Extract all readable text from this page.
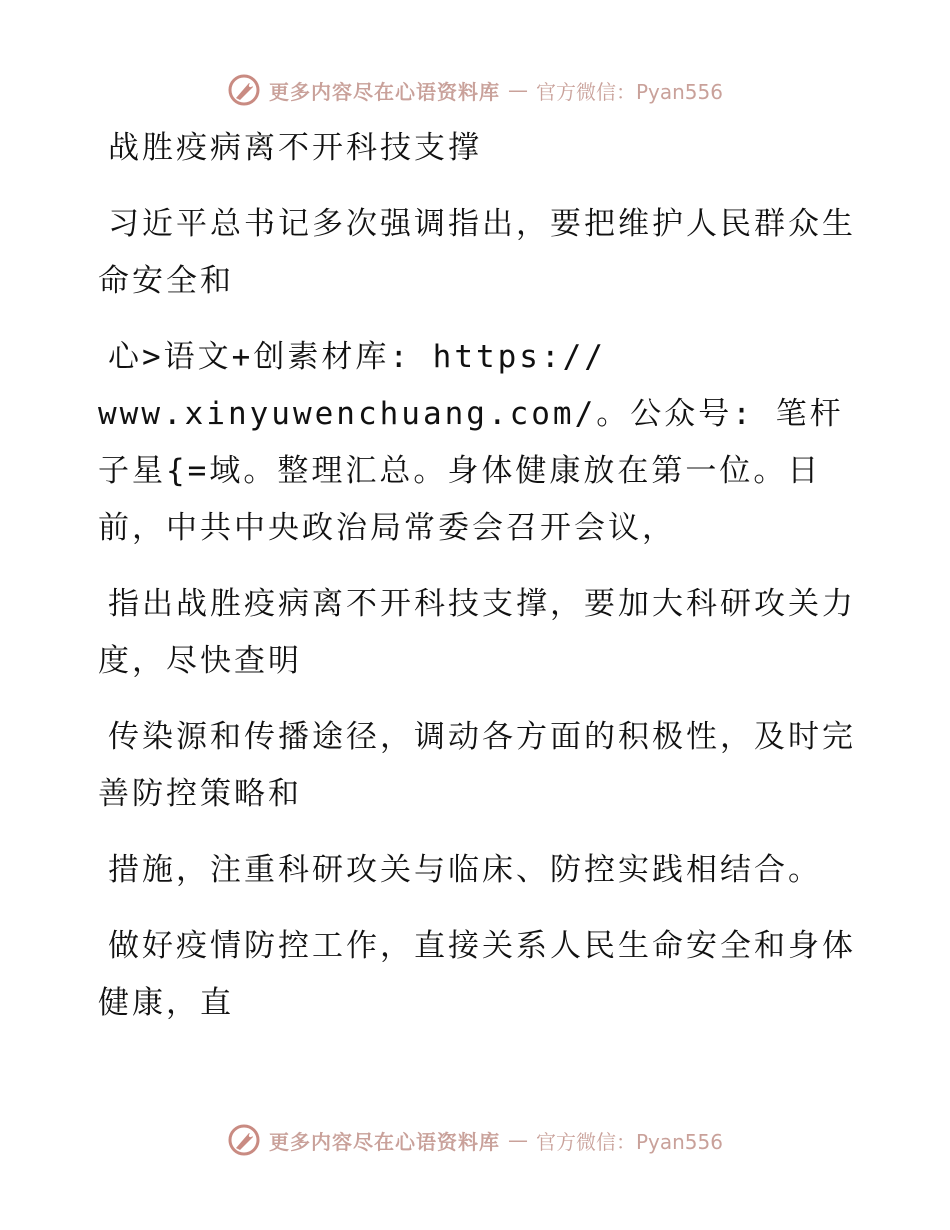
更多内容尽在心语资料库 — 官方微信：Pyan556

战胜疫病离不开科技支撑

习近平总书记多次强调指出，要把维护人民群众生命安全和

心>语文+创素材库: https://

www.xinyuwenchuang.com/。公众号: 笔杆子星{=域。整理汇总。身体健康放在第一位。日前，中共中央政治局常委会召开会议，

指出战胜疫病离不开科技支撑，要加大科研攻关力度，尽快查明

传染源和传播途径，调动各方面的积极性，及时完善防控策略和

措施，注重科研攻关与临床、防控实践相结合。

做好疫情防控工作，直接关系人民生命安全和身体健康，直

更多内容尽在心语资料库 — 官方微信：Pyan556
